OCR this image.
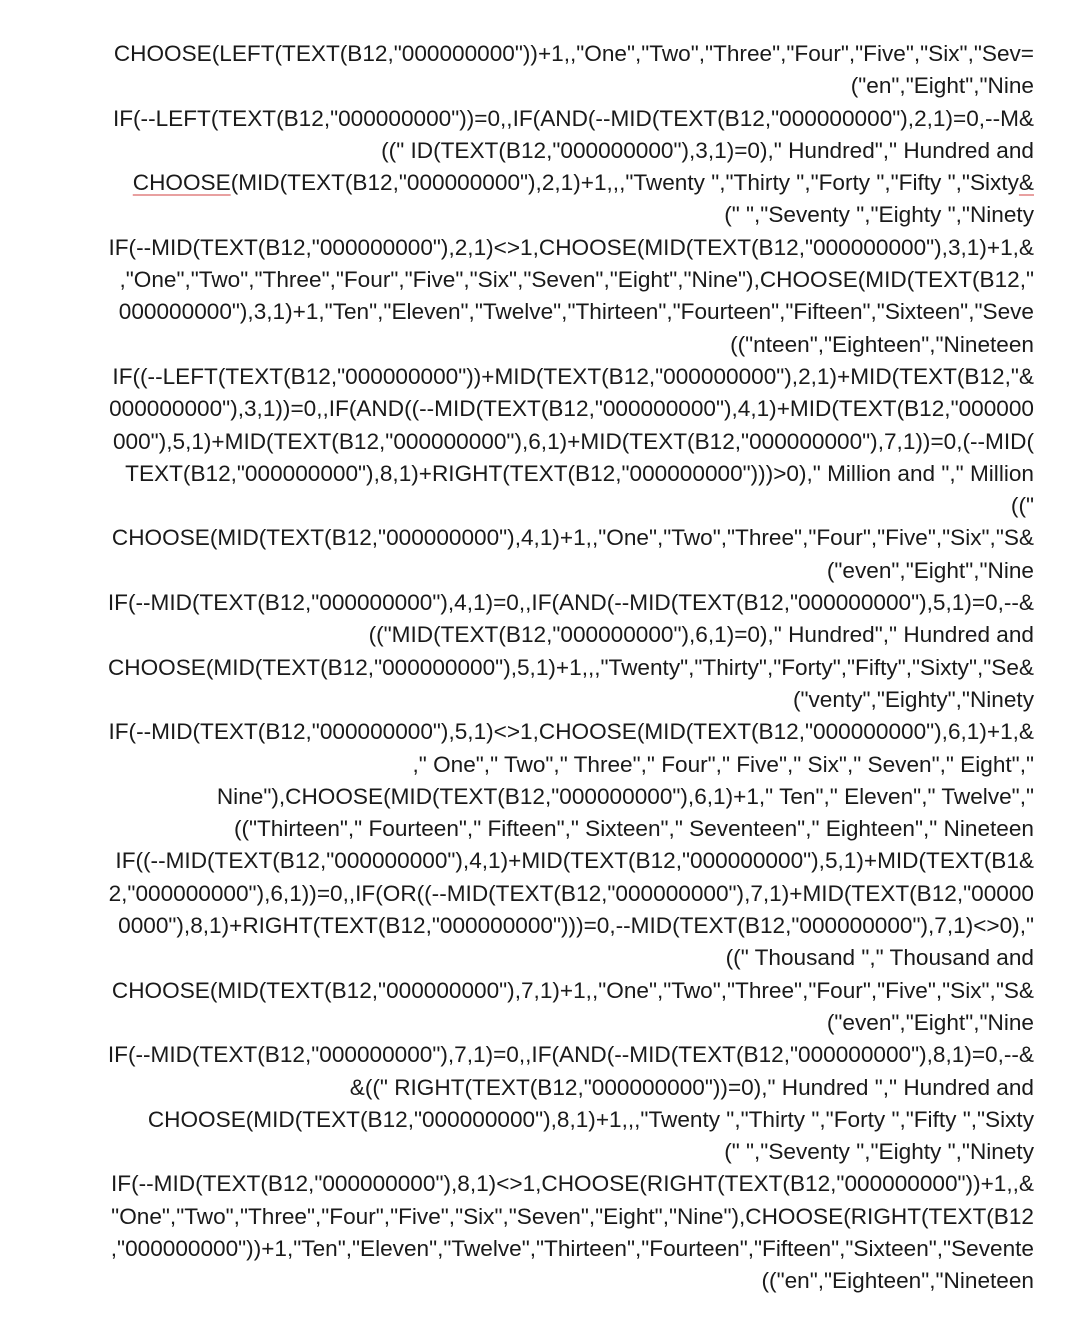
CHOOSE(LEFT(TEXT(B12,"000000000"))+1,,"One","Two","Three","Four","Five","Six","Sev=
("en","Eight","Nine
IF(--LEFT(TEXT(B12,"000000000"))=0,,IF(AND(--MID(TEXT(B12,"000000000"),2,1)=0,--M&
((" ID(TEXT(B12,"000000000"),3,1)=0)," Hundred"," Hundred and
CHOOSE(MID(TEXT(B12,"000000000"),2,1)+1,,,"Twenty ","Thirty ","Forty ","Fifty ","Sixty&
(" ","Seventy ","Eighty ","Ninety
IF(--MID(TEXT(B12,"000000000"),2,1)<>1,CHOOSE(MID(TEXT(B12,"000000000"),3,1)+1,&
,"One","Two","Three","Four","Five","Six","Seven","Eight","Nine"),CHOOSE(MID(TEXT(B12,"
000000000"),3,1)+1,"Ten","Eleven","Twelve","Thirteen","Fourteen","Fifteen","Sixteen","Seve
(("nteen","Eighteen","Nineteen
IF((--LEFT(TEXT(B12,"000000000"))+MID(TEXT(B12,"000000000"),2,1)+MID(TEXT(B12,"&
000000000"),3,1))=0,,IF(AND((--MID(TEXT(B12,"000000000"),4,1)+MID(TEXT(B12,"000000
000"),5,1)+MID(TEXT(B12,"000000000"),6,1)+MID(TEXT(B12,"000000000"),7,1))=0,(--MID(
TEXT(B12,"000000000"),8,1)+RIGHT(TEXT(B12,"000000000")))>0)," Million and "," Million
(("
CHOOSE(MID(TEXT(B12,"000000000"),4,1)+1,,"One","Two","Three","Four","Five","Six","S&
("even","Eight","Nine
IF(--MID(TEXT(B12,"000000000"),4,1)=0,,IF(AND(--MID(TEXT(B12,"000000000"),5,1)=0,--&
(("MID(TEXT(B12,"000000000"),6,1)=0)," Hundred"," Hundred and
CHOOSE(MID(TEXT(B12,"000000000"),5,1)+1,,,"Twenty","Thirty","Forty","Fifty","Sixty","Se&
("venty","Eighty","Ninety
IF(--MID(TEXT(B12,"000000000"),5,1)<>1,CHOOSE(MID(TEXT(B12,"000000000"),6,1)+1,&
," One"," Two"," Three"," Four"," Five"," Six"," Seven"," Eight","
Nine"),CHOOSE(MID(TEXT(B12,"000000000"),6,1)+1," Ten"," Eleven"," Twelve","
(("Thirteen"," Fourteen"," Fifteen"," Sixteen"," Seventeen"," Eighteen"," Nineteen
IF((--MID(TEXT(B12,"000000000"),4,1)+MID(TEXT(B12,"000000000"),5,1)+MID(TEXT(B1&
2,"000000000"),6,1))=0,,IF(OR((--MID(TEXT(B12,"000000000"),7,1)+MID(TEXT(B12,"00000
0000"),8,1)+RIGHT(TEXT(B12,"000000000")))=0,--MID(TEXT(B12,"000000000"),7,1)<>0),"
((" Thousand "," Thousand and
CHOOSE(MID(TEXT(B12,"000000000"),7,1)+1,,"One","Two","Three","Four","Five","Six","S&
("even","Eight","Nine
IF(--MID(TEXT(B12,"000000000"),7,1)=0,,IF(AND(--MID(TEXT(B12,"000000000"),8,1)=0,--&
&((" RIGHT(TEXT(B12,"000000000"))=0)," Hundred "," Hundred and
CHOOSE(MID(TEXT(B12,"000000000"),8,1)+1,,,"Twenty ","Thirty ","Forty ","Fifty ","Sixty
(" ","Seventy ","Eighty ","Ninety
IF(--MID(TEXT(B12,"000000000"),8,1)<>1,CHOOSE(RIGHT(TEXT(B12,"000000000"))+1,,&
"One","Two","Three","Four","Five","Six","Seven","Eight","Nine"),CHOOSE(RIGHT(TEXT(B12
,"000000000"))+1,"Ten","Eleven","Twelve","Thirteen","Fourteen","Fifteen","Sixteen","Sevente
(("en","Eighteen","Nineteen
